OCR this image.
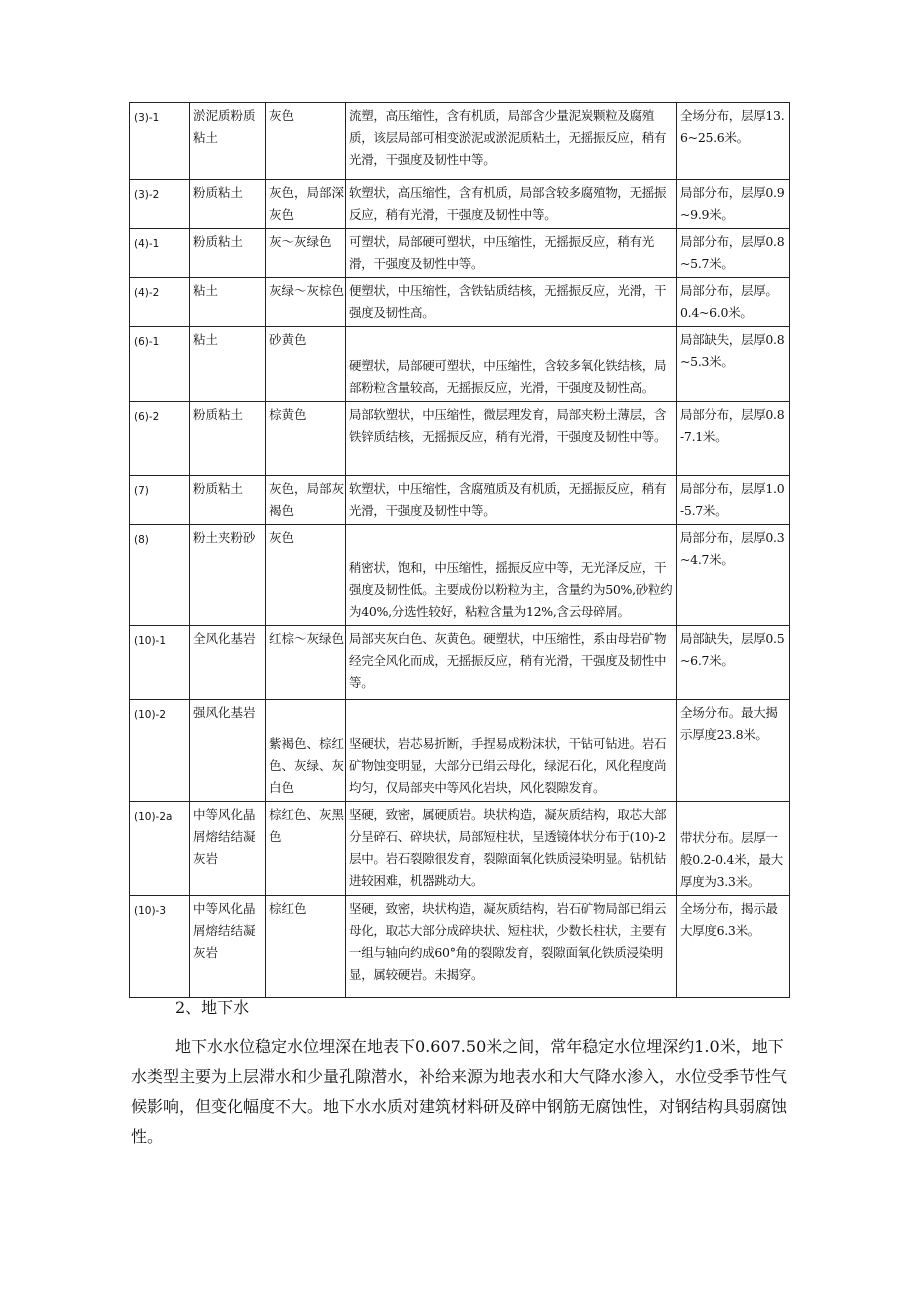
(3)-1	淤泥质粉质粘土	灰色	流塑，高压缩性，含有机质，局部含少量泥炭颗粒及腐殖质，该层局部可相变淤泥或淤泥质粘土，无摇振反应，稍有光滑，干强度及韧性中等。	全场分布，层厚13.6~25.6米。
(3)-2	粉质粘土	灰色，局部深灰色	软塑状，高压缩性，含有机质，局部含较多腐殖物，无摇振反应，稍有光滑，干强度及韧性中等。	局部分布，层厚0.9~9.9米。
(4)-1	粉质粘土	灰～灰绿色	可塑状，局部硬可塑状，中压缩性，无摇振反应，稍有光滑，干强度及韧性中等。	局部分布，层厚0.8~5.7米。
(4)-2	粘土	灰绿～灰棕色	便塑状，中压缩性，含铁钻质结核，无摇振反应，光滑，干强度及韧性高。	局部分布，层厚。0.4~6.0米。
(6)-1	粘土	砂黄色	硬塑状，局部硬可塑状，中压缩性，含较多氧化铁结核，局部粉粒含量较高，无摇振反应，光滑，干强度及韧性高。	局部缺失，层厚0.8~5.3米。
(6)-2	粉质粘土	棕黄色	局部软塑状，中压缩性，微层理发育，局部夹粉土薄层，含铁锌质结核，无摇振反应，稍有光滑，干强度及韧性中等。	局部分布，层厚0.8-7.1米。
(7)	粉质粘土	灰色，局部灰褐色	软塑状，中压缩性，含腐殖质及有机质，无摇振反应，稍有光滑，干强度及韧性中等。	局部分布，层厚1.0-5.7米。
(8)	粉土夹粉砂	灰色	稍密状，饱和，中压缩性，摇振反应中等，无光泽反应，干强度及韧性低。主要成份以粉粒为主，含量约为50%,砂粒约为40%,分选性较好，粘粒含量为12%,含云母碎屑。	局部分布，层厚0.3~4.7米。
(10)-1	全风化基岩	红棕～灰绿色	局部夹灰白色、灰黄色。硬塑状，中压缩性，系由母岩矿物经完全风化而成，无摇振反应，稍有光滑，干强度及韧性中等。	局部缺失，层厚0.5~6.7米。
(10)-2	强风化基岩	紫褐色、棕红色、灰绿、灰白色	坚硬状，岩芯易折断，手捏易成粉沫状，干钻可钻进。岩石矿物蚀变明显，大部分已绢云母化，绿泥石化，风化程度尚均匀，仅局部夹中等风化岩块，风化裂隙发育。	全场分布。最大揭示厚度23.8米。
(10)-2a	中等风化晶屑熔结结凝灰岩	棕红色、灰黑色	坚硬，致密，属硬质岩。块状构造，凝灰质结构，取芯大部分呈碎石、碎块状，局部短柱状，呈透镜体状分布于(10)-2层中。岩石裂隙很发育，裂隙面氧化铁质浸染明显。钻机钻进较困难，机器跳动大。	带状分布。层厚一般0.2-0.4米，最大厚度为3.3米。
(10)-3	中等风化晶屑熔结结凝灰岩	棕红色	坚硬，致密，块状构造，凝灰质结构，岩石矿物局部已绢云母化，取芯大部分成碎块状、短柱状，少数长柱状，主要有一组与轴向约成60°角的裂隙发育，裂隙面氧化铁质浸染明显，属较硬岩。未揭穿。	全场分布，揭示最大厚度6.3米。
2、地下水

地下水水位稳定水位埋深在地表下0.607.50米之间，常年稳定水位埋深约1.0米，地下水类型主要为上层滞水和少量孔隙潜水，补给来源为地表水和大气降水渗入，水位受季节性气候影响，但变化幅度不大。地下水水质对建筑材料研及碎中钢筋无腐蚀性，对钢结构具弱腐蚀性。
